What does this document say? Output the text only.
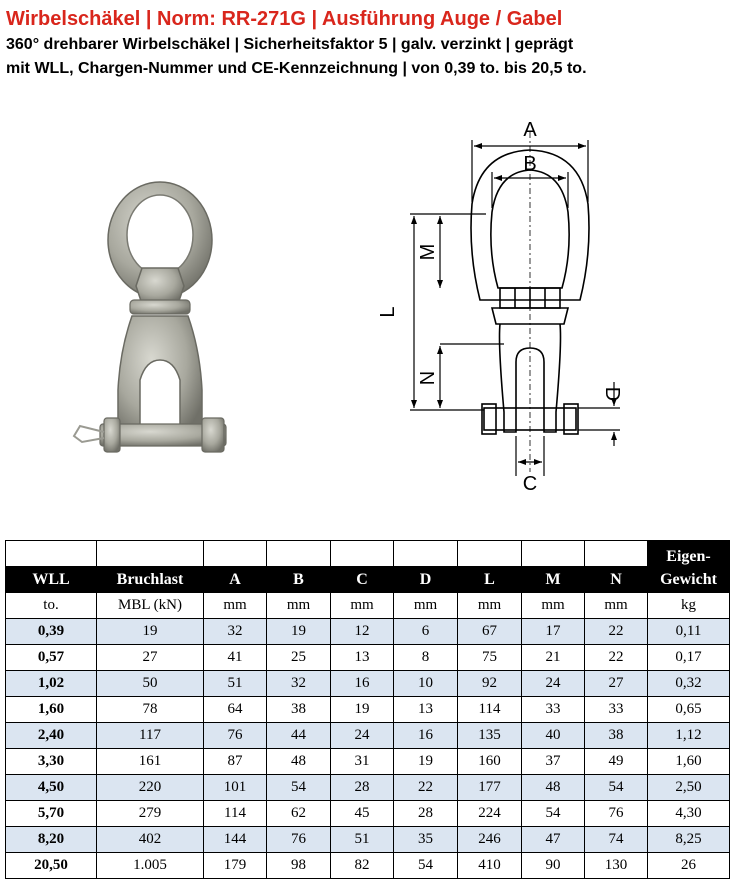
Wirbelschäkel | Norm: RR-271G | Ausführung Auge / Gabel
360° drehbarer Wirbelschäkel | Sicherheitsfaktor 5 | galv. verzinkt | geprägt
mit WLL, Chargen-Nummer und CE-Kennzeichnung | von 0,39 to. bis 20,5 to.
A
B
C
D
L
M
N
									Eigen-
WLL	Bruchlast	A	B	C	D	L	M	N	Gewicht
to.	MBL (kN)	mm	mm	mm	mm	mm	mm	mm	kg
0,39	19	32	19	12	6	67	17	22	0,11
0,57	27	41	25	13	8	75	21	22	0,17
1,02	50	51	32	16	10	92	24	27	0,32
1,60	78	64	38	19	13	114	33	33	0,65
2,40	117	76	44	24	16	135	40	38	1,12
3,30	161	87	48	31	19	160	37	49	1,60
4,50	220	101	54	28	22	177	48	54	2,50
5,70	279	114	62	45	28	224	54	76	4,30
8,20	402	144	76	51	35	246	47	74	8,25
20,50	1.005	179	98	82	54	410	90	130	26
